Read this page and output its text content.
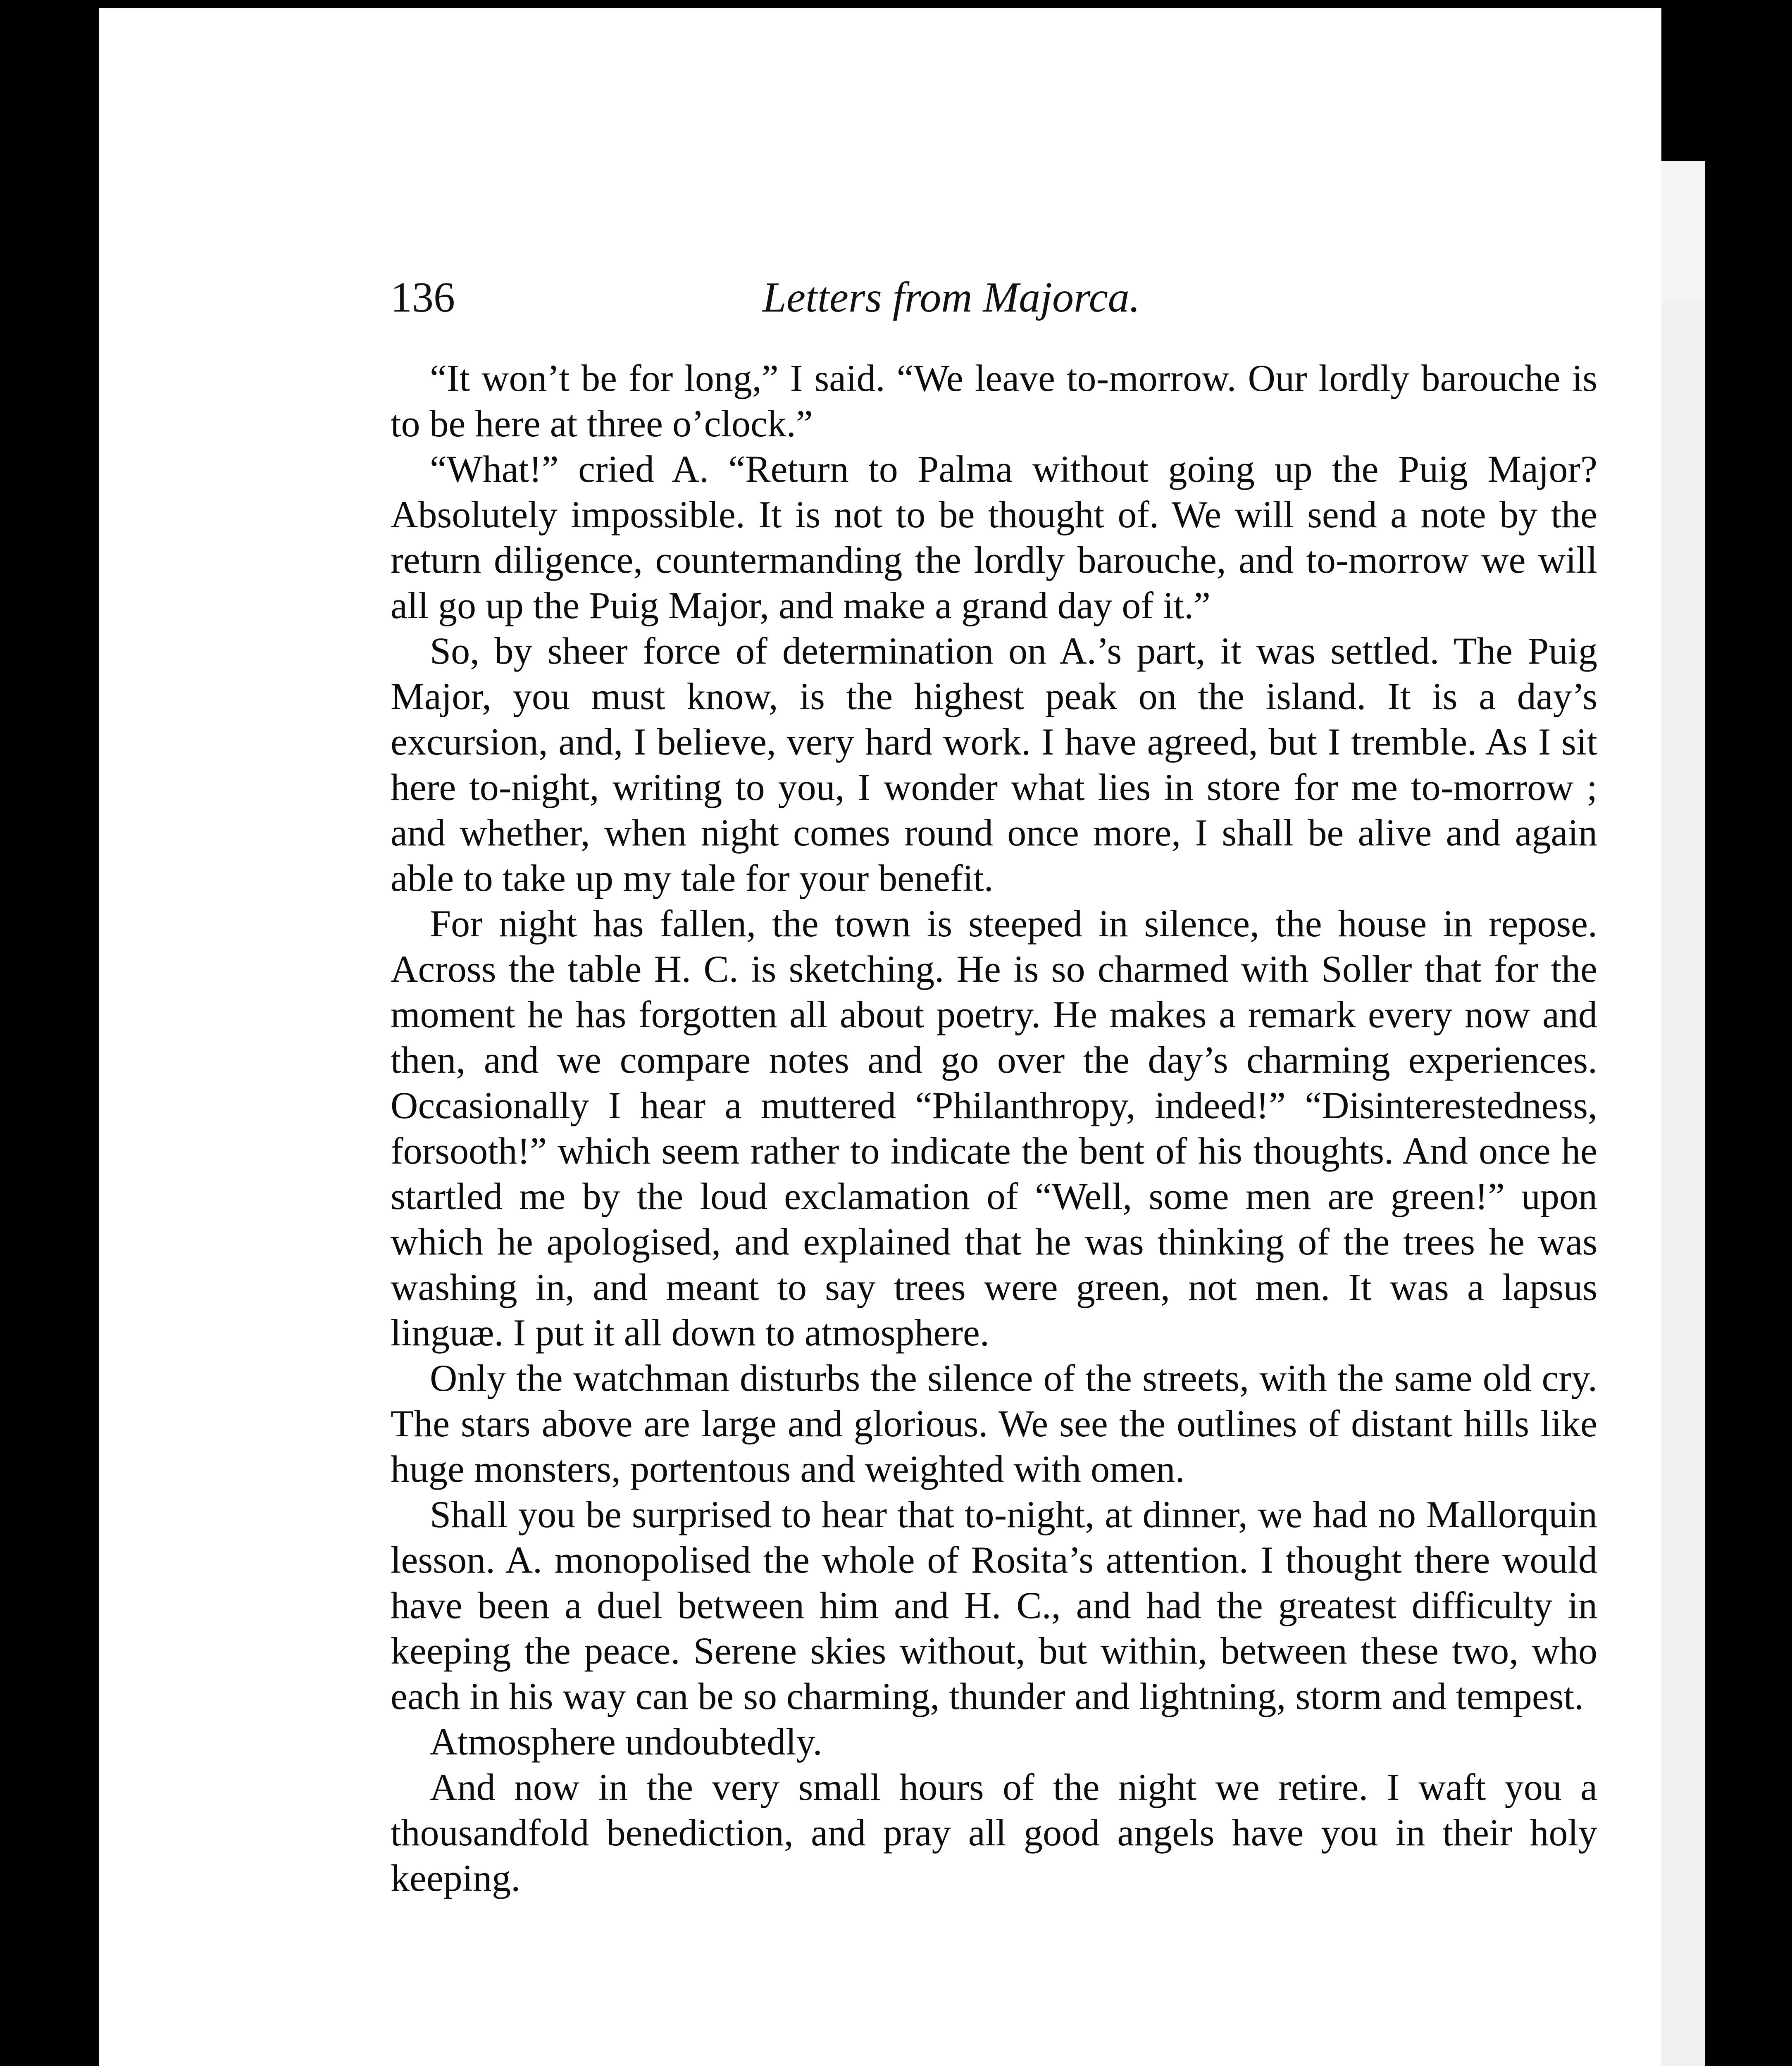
136	Letters from Majorca.

“It won’t be for long,” I said. “We leave to-morrow. Our lordly barouche is to be here at three o’clock.”

“What!” cried A. “Return to Palma without going up the Puig Major? Absolutely impossible. It is not to be thought of. We will send a note by the return diligence, countermanding the lordly barouche, and to-morrow we will all go up the Puig Major, and make a grand day of it.”

So, by sheer force of determination on A.’s part, it was settled. The Puig Major, you must know, is the highest peak on the island. It is a day’s excursion, and, I believe, very hard work. I have agreed, but I tremble. As I sit here to-night, writing to you, I wonder what lies in store for me to-morrow ; and whether, when night comes round once more, I shall be alive and again able to take up my tale for your benefit.

For night has fallen, the town is steeped in silence, the house in repose. Across the table H. C. is sketching. He is so charmed with Soller that for the moment he has forgotten all about poetry. He makes a remark every now and then, and we compare notes and go over the day’s charming experiences. Occasionally I hear a muttered “Philanthropy, indeed!” “Disinterestedness, forsooth!” which seem rather to indicate the bent of his thoughts. And once he startled me by the loud exclamation of “Well, some men are green!” upon which he apologised, and explained that he was thinking of the trees he was washing in, and meant to say trees were green, not men. It was a lapsus linguæ. I put it all down to atmosphere.

Only the watchman disturbs the silence of the streets, with the same old cry. The stars above are large and glorious. We see the outlines of distant hills like huge monsters, portentous and weighted with omen.

Shall you be surprised to hear that to-night, at dinner, we had no Mallorquin lesson. A. monopolised the whole of Rosita’s attention. I thought there would have been a duel between him and H. C., and had the greatest difficulty in keeping the peace. Serene skies without, but within, between these two, who each in his way can be so charming, thunder and lightning, storm and tempest.

Atmosphere undoubtedly.

And now in the very small hours of the night we retire. I waft you a thousandfold benediction, and pray all good angels have you in their holy keeping.
